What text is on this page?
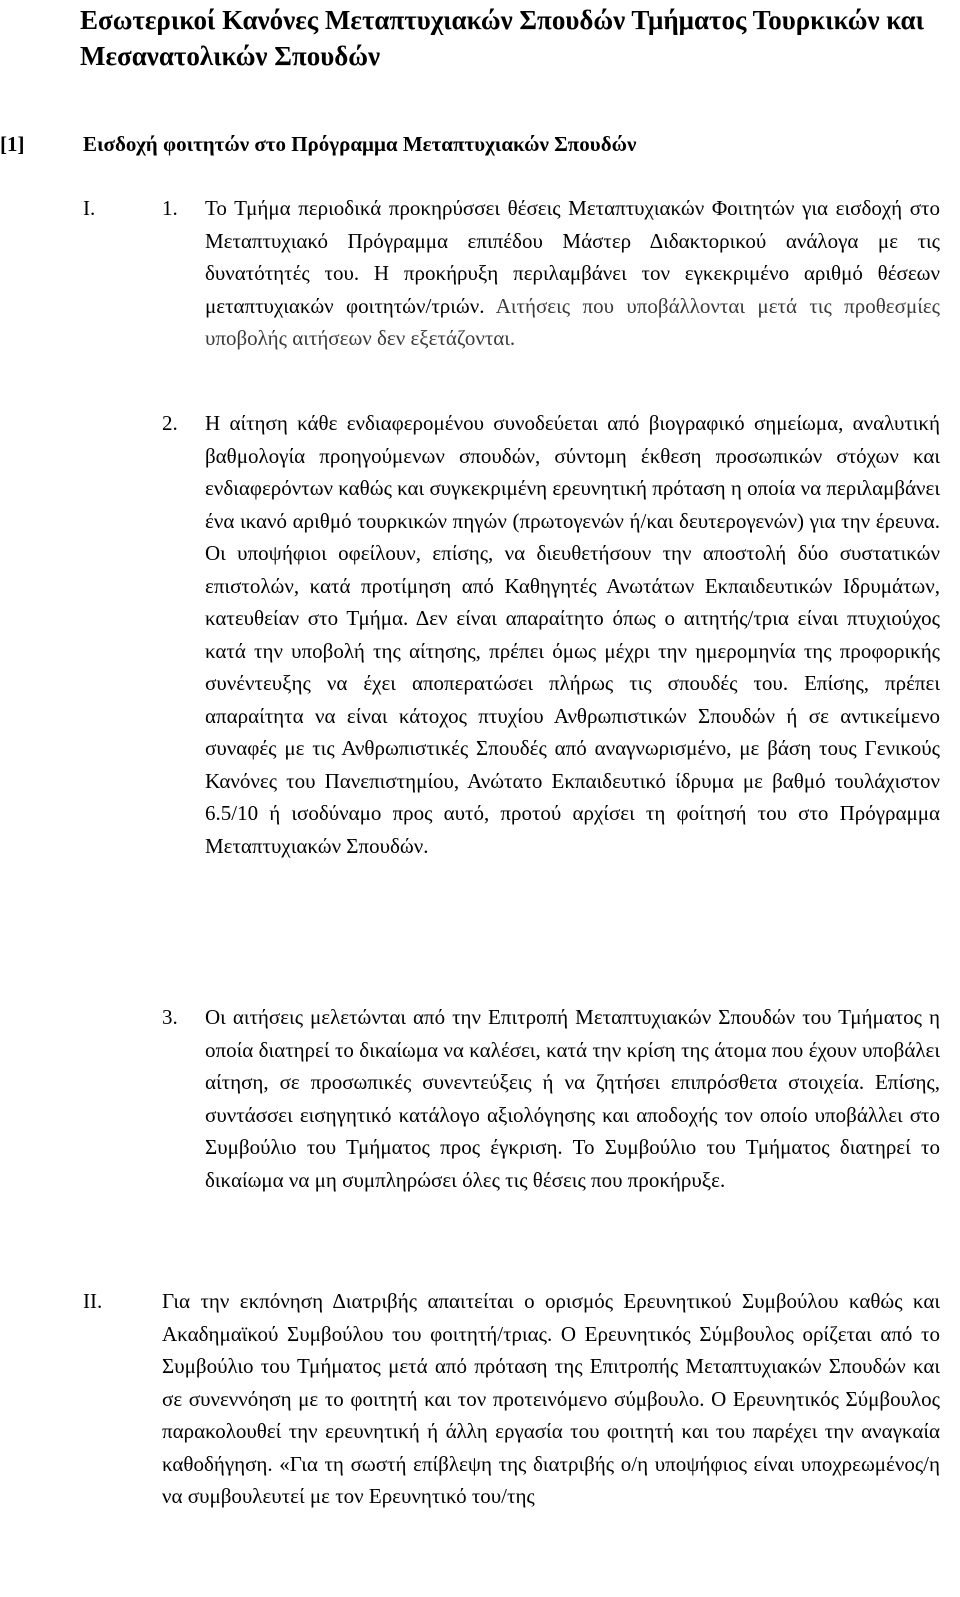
Εσωτερικοί Κανόνες Μεταπτυχιακών Σπουδών Τμήματος Τουρκικών και Μεσανατολικών Σπουδών
[1]	Εισδοχή φοιτητών στο Πρόγραμμα Μεταπτυχιακών Σπουδών
I.	1. Το Τμήμα περιοδικά προκηρύσσει θέσεις Μεταπτυχιακών Φοιτητών για εισδοχή στο Μεταπτυχιακό Πρόγραμμα επιπέδου Μάστερ Διδακτορικού ανάλογα με τις δυνατότητές του. Η προκήρυξη περιλαμβάνει τον εγκεκριμένο αριθμό θέσεων μεταπτυχιακών φοιτητών/τριών. Αιτήσεις που υποβάλλονται μετά τις προθεσμίες υποβολής αιτήσεων δεν εξετάζονται.

2. Η αίτηση κάθε ενδιαφερομένου συνοδεύεται από βιογραφικό σημείωμα, αναλυτική βαθμολογία προηγούμενων σπουδών, σύντομη έκθεση προσωπικών στόχων και ενδιαφερόντων καθώς και συγκεκριμένη ερευνητική πρόταση η οποία να περιλαμβάνει ένα ικανό αριθμό τουρκικών πηγών (πρωτογενών ή/και δευτερογενών) για την έρευνα. Οι υποψήφιοι οφείλουν, επίσης, να διευθετήσουν την αποστολή δύο συστατικών επιστολών, κατά προτίμηση από Καθηγητές Ανωτάτων Εκπαιδευτικών Ιδρυμάτων, κατευθείαν στο Τμήμα. Δεν είναι απαραίτητο όπως ο αιτητής/τρια είναι πτυχιούχος κατά την υποβολή της αίτησης, πρέπει όμως μέχρι την ημερομηνία της προφορικής συνέντευξης να έχει αποπερατώσει πλήρως τις σπουδές του. Επίσης, πρέπει απαραίτητα να είναι κάτοχος πτυχίου Ανθρωπιστικών Σπουδών ή σε αντικείμενο συναφές με τις Ανθρωπιστικές Σπουδές από αναγνωρισμένο, με βάση τους Γενικούς Κανόνες του Πανεπιστημίου, Ανώτατο Εκπαιδευτικό ίδρυμα με βαθμό τουλάχιστον 6.5/10 ή ισοδύναμο προς αυτό, προτού αρχίσει τη φοίτησή του στο Πρόγραμμα Μεταπτυχιακών Σπουδών.

3. Οι αιτήσεις μελετώνται από την Επιτροπή Μεταπτυχιακών Σπουδών του Τμήματος η οποία διατηρεί το δικαίωμα να καλέσει, κατά την κρίση της άτομα που έχουν υποβάλει αίτηση, σε προσωπικές συνεντεύξεις ή να ζητήσει επιπρόσθετα στοιχεία. Επίσης, συντάσσει εισηγητικό κατάλογο αξιολόγησης και αποδοχής τον οποίο υποβάλλει στο Συμβούλιο του Τμήματος προς έγκριση. Το Συμβούλιο του Τμήματος διατηρεί το δικαίωμα να μη συμπληρώσει όλες τις θέσεις που προκήρυξε.

II.	Για την εκπόνηση Διατριβής απαιτείται ο ορισμός Ερευνητικού Συμβούλου καθώς και Ακαδημαϊκού Συμβούλου του φοιτητή/τριας. Ο Ερευνητικός Σύμβουλος ορίζεται από το Συμβούλιο του Τμήματος μετά από πρόταση της Επιτροπής Μεταπτυχιακών Σπουδών και σε συνεννόηση με το φοιτητή και τον προτεινόμενο σύμβουλο. Ο Ερευνητικός Σύμβουλος παρακολουθεί την ερευνητική ή άλλη εργασία του φοιτητή και του παρέχει την αναγκαία καθοδήγηση. «Για τη σωστή επίβλεψη της διατριβής ο/η υποψήφιος είναι υποχρεωμένος/η να συμβουλευτεί με τον Ερευνητικό του/της
